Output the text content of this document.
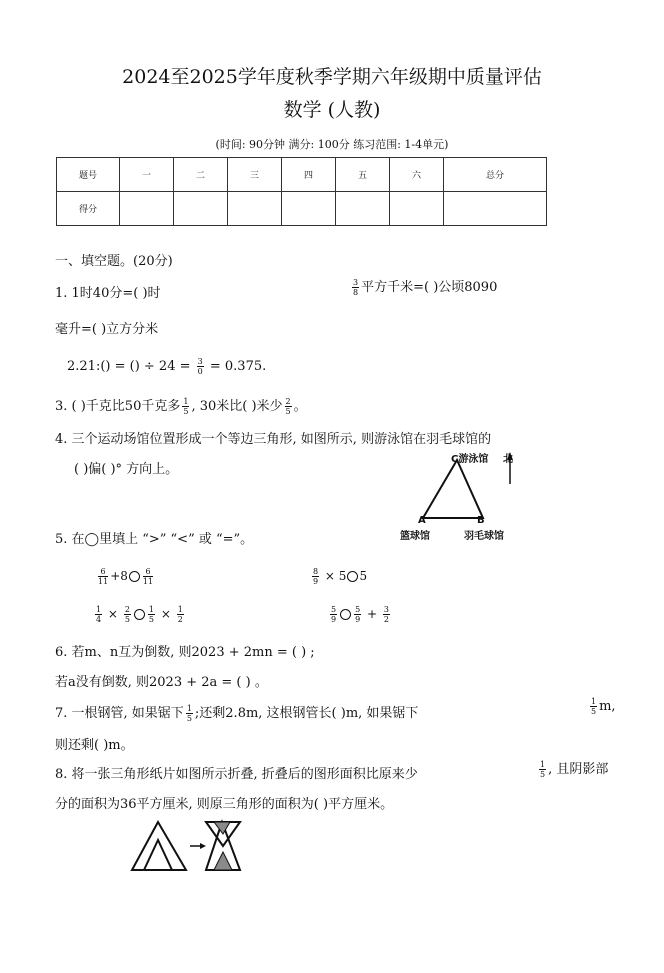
2024至2025学年度秋季学期六年级期中质量评估
数学 (人教)
(时间: 90分钟 满分: 100分 练习范围: 1-4单元)
题号	一	二	三	四	五	六	总分
得分							
一、填空题。(20分)
1. 1时40分=( )时	$\frac{3}{8}$ 平方千米=( )公顷8090
毫升=( )立方分米
2.21:() = () ÷ $24 = \frac{3}{0} = 0.375$.
3. ( )千克比50千克多 $\frac{1}{5}$ , 30米比( )米少 $\frac{2}{5}$ 。
4. 三个运动场馆位置形成一个等边三角形, 如图所示, 则游泳馆在羽毛球馆的
( )偏( )° 方向上。
C游泳馆 北
A	B
篮球馆	羽毛球馆
5. 在◯里填上 “>” “<” 或 “=”。
$\frac{6}{11} +8 \frac{6}{11}$	$\frac{8}{9} \times 5$ 5
$\frac{1}{4} \times \frac{2}{5} \frac{1}{5} \times \frac{1}{2}$	$\frac{5}{9} \frac{5}{9} + \frac{3}{2}$
6. 若m、n互为倒数, 则2023 + 2mn = ( ) ;
若a没有倒数, 则2023 + 2a = ( ) 。
7. 一根钢管, 如果锯下 $\frac{1}{5}$ ;还剩2.8m, 这根钢管长( )m, 如果锯下	$\frac{1}{5} m$,
则还剩( )m。
8. 将一张三角形纸片如图所示折叠, 折叠后的图形面积比原来少	$\frac{1}{5}$ , 且阴影部
分的面积为36平方厘米, 则原三角形的面积为( )平方厘米。
